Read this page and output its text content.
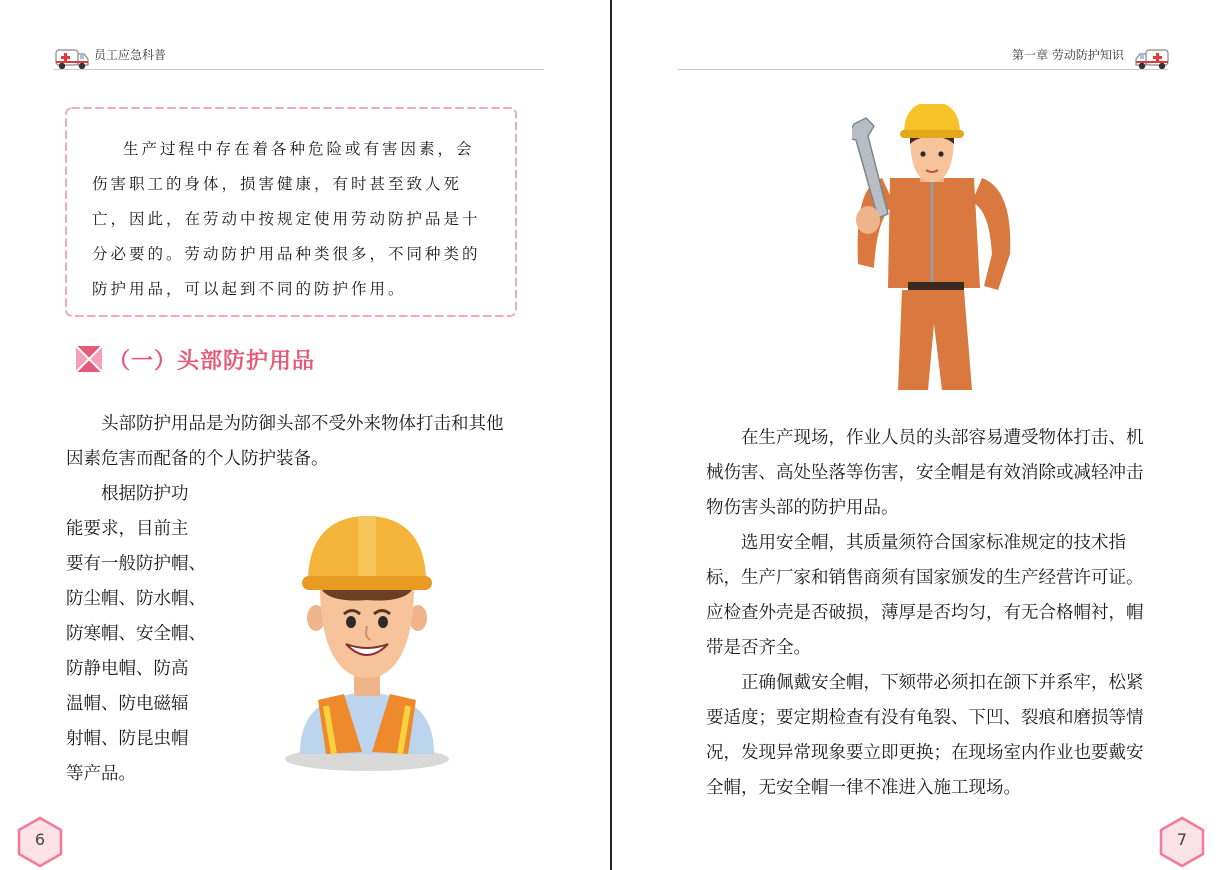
员工应急科普

生产过程中存在着各种危险或有害因素，会伤害职工的身体，损害健康，有时甚至致人死亡，因此，在劳动中按规定使用劳动防护品是十分必要的。劳动防护用品种类很多，不同种类的防护用品，可以起到不同的防护作用。

（一）头部防护用品

头部防护用品是为防御头部不受外来物体打击和其他因素危害而配备的个人防护装备。

根据防护功
能要求，目前主
要有一般防护帽、
防尘帽、防水帽、
防寒帽、安全帽、
防静电帽、防高
温帽、防电磁辐
射帽、防昆虫帽
等产品。
6
第一章 劳动防护知识

在生产现场，作业人员的头部容易遭受物体打击、机械伤害、高处坠落等伤害，安全帽是有效消除或减轻冲击物伤害头部的防护用品。

选用安全帽，其质量须符合国家标准规定的技术指标，生产厂家和销售商须有国家颁发的生产经营许可证。应检查外壳是否破损，薄厚是否均匀，有无合格帽衬，帽带是否齐全。

正确佩戴安全帽，下颏带必须扣在颌下并系牢，松紧要适度；要定期检查有没有龟裂、下凹、裂痕和磨损等情况，发现异常现象要立即更换；在现场室内作业也要戴安全帽，无安全帽一律不准进入施工现场。

7
